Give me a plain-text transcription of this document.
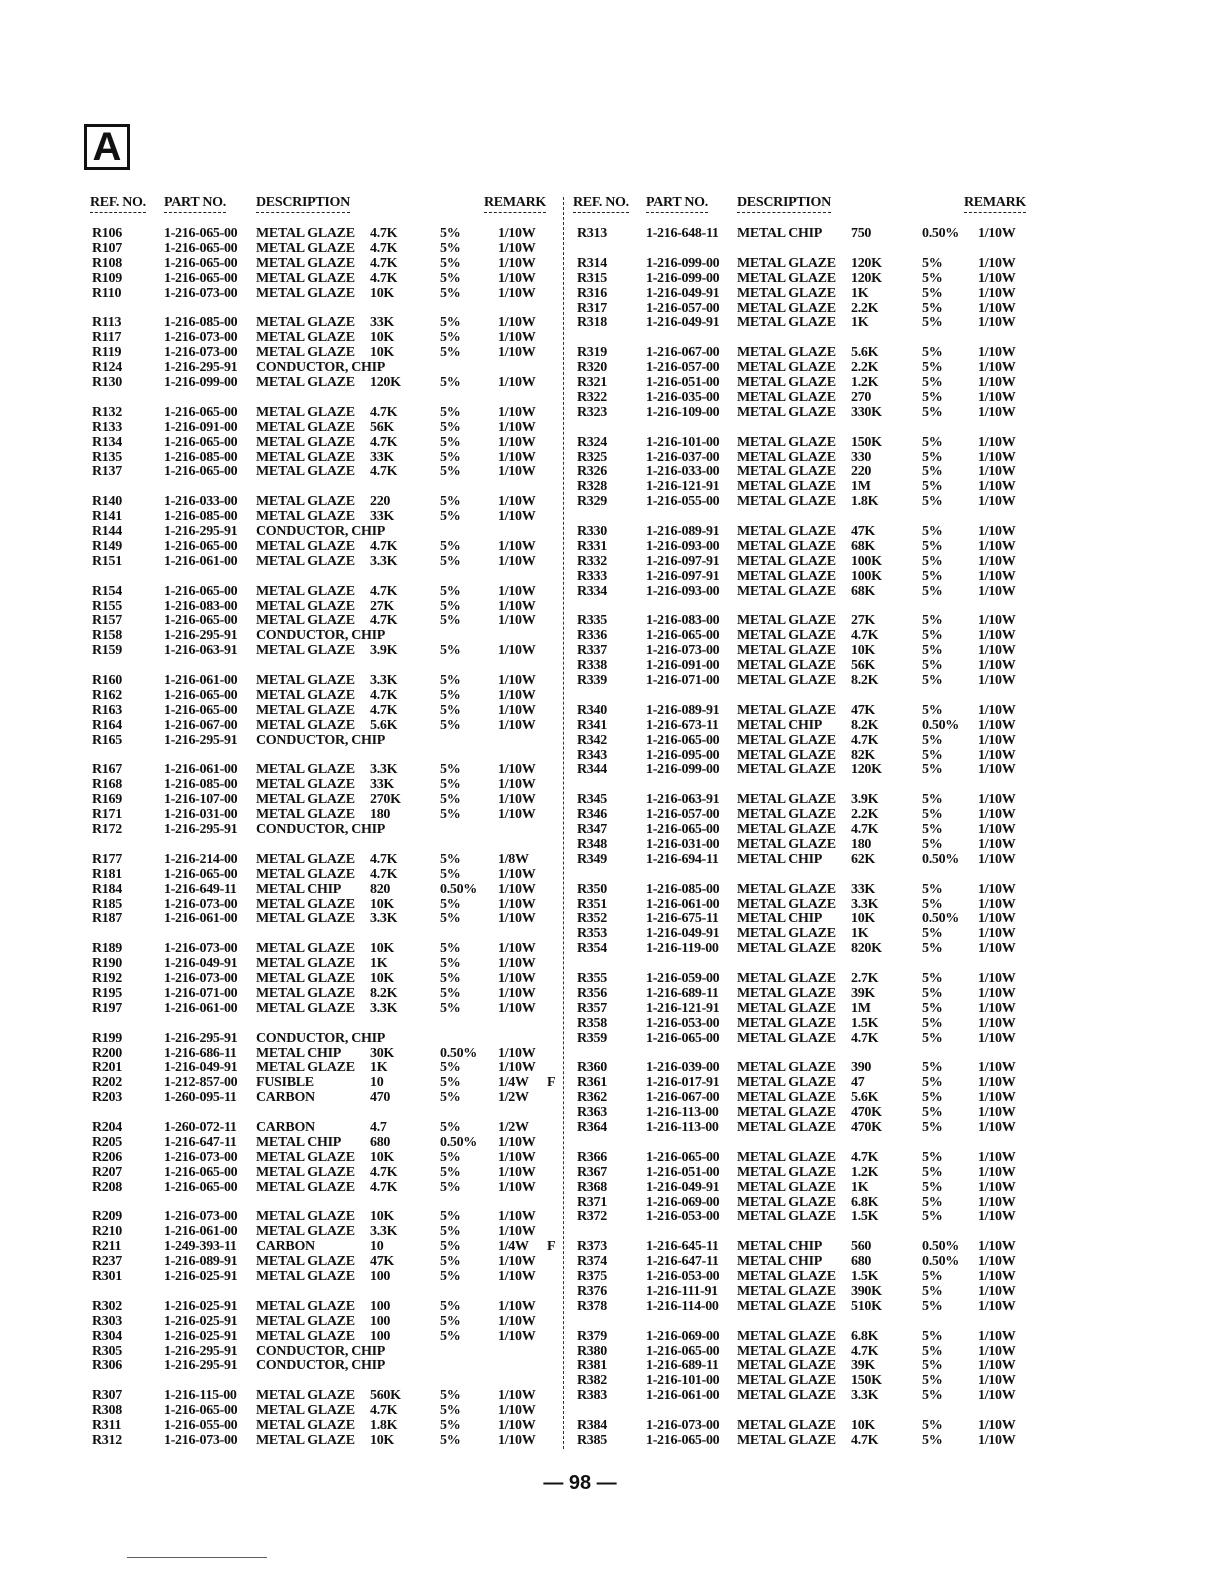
A
REF. NO. PART NO. DESCRIPTION	REMARK REF. NO. PART NO. DESCRIPTION	REMARK
R106	1-216-065-00 METAL GLAZE 4.7K	5%	1/10W
R107	1-216-065-00 METAL GLAZE 4.7K	5%	1/10W
R108	1-216-065-00 METAL GLAZE 4.7K	5%	1/10W
R109	1-216-065-00 METAL GLAZE 4.7K	5%	1/10W
R110	1-216-073-00 METAL GLAZE 10K	5%	1/10W
R113	1-216-085-00 METAL GLAZE 33K	5%	1/10W
R117	1-216-073-00 METAL GLAZE 10K	5%	1/10W
R119	1-216-073-00 METAL GLAZE 10K	5%	1/10W
R124	1-216-295-91 CONDUCTOR, CHIP
R130	1-216-099-00 METAL GLAZE 120K	5%	1/10W
R132	1-216-065-00 METAL GLAZE 4.7K	5%	1/10W
R133	1-216-091-00 METAL GLAZE 56K	5%	1/10W
R134	1-216-065-00 METAL GLAZE 4.7K	5%	1/10W
R135	1-216-085-00 METAL GLAZE 33K	5%	1/10W
R137	1-216-065-00 METAL GLAZE 4.7K	5%	1/10W
R140	1-216-033-00 METAL GLAZE 220	5%	1/10W
R141	1-216-085-00 METAL GLAZE 33K	5%	1/10W
R144	1-216-295-91 CONDUCTOR, CHIP
R149	1-216-065-00 METAL GLAZE 4.7K	5%	1/10W
R151	1-216-061-00 METAL GLAZE 3.3K	5%	1/10W
R154	1-216-065-00 METAL GLAZE 4.7K	5%	1/10W
R155	1-216-083-00 METAL GLAZE 27K	5%	1/10W
R157	1-216-065-00 METAL GLAZE 4.7K	5%	1/10W
R158	1-216-295-91 CONDUCTOR, CHIP
R159	1-216-063-91 METAL GLAZE 3.9K	5%	1/10W
R160	1-216-061-00 METAL GLAZE 3.3K	5%	1/10W
R162	1-216-065-00 METAL GLAZE 4.7K	5%	1/10W
R163	1-216-065-00 METAL GLAZE 4.7K	5%	1/10W
R164	1-216-067-00 METAL GLAZE 5.6K	5%	1/10W
R165	1-216-295-91 CONDUCTOR, CHIP
R167	1-216-061-00 METAL GLAZE 3.3K	5%	1/10W
R168	1-216-085-00 METAL GLAZE 33K	5%	1/10W
R169	1-216-107-00 METAL GLAZE 270K	5%	1/10W
R171	1-216-031-00 METAL GLAZE 180	5%	1/10W
R172	1-216-295-91 CONDUCTOR, CHIP
R177	1-216-214-00 METAL GLAZE 4.7K	5%	1/8W
R181	1-216-065-00 METAL GLAZE 4.7K	5%	1/10W
R184	1-216-649-11 METAL CHIP 820	0.50% 1/10W
R185	1-216-073-00 METAL GLAZE 10K	5%	1/10W
R187	1-216-061-00 METAL GLAZE 3.3K	5%	1/10W
R189	1-216-073-00 METAL GLAZE 10K	5%	1/10W
R190	1-216-049-91 METAL GLAZE 1K	5%	1/10W
R192	1-216-073-00 METAL GLAZE 10K	5%	1/10W
R195	1-216-071-00 METAL GLAZE 8.2K	5%	1/10W
R197	1-216-061-00 METAL GLAZE 3.3K	5%	1/10W
R199	1-216-295-91 CONDUCTOR, CHIP
R200	1-216-686-11 METAL CHIP 30K	0.50% 1/10W
R201	1-216-049-91 METAL GLAZE 1K	5%	1/10W
R202	1-212-857-00 FUSIBLE	10	5%	1/4W F
R203	1-260-095-11 CARBON	470	5%	1/2W
R204	1-260-072-11 CARBON	4.7	5%	1/2W
R205	1-216-647-11 METAL CHIP 680	0.50% 1/10W
R206	1-216-073-00 METAL GLAZE 10K	5%	1/10W
R207	1-216-065-00 METAL GLAZE 4.7K	5%	1/10W
R208	1-216-065-00 METAL GLAZE 4.7K	5%	1/10W
R209	1-216-073-00 METAL GLAZE 10K	5%	1/10W
R210	1-216-061-00 METAL GLAZE 3.3K	5%	1/10W
R211	1-249-393-11 CARBON	10	5%	1/4W F
R237	1-216-089-91 METAL GLAZE 47K	5%	1/10W
R301	1-216-025-91 METAL GLAZE 100	5%	1/10W
R302	1-216-025-91 METAL GLAZE 100	5%	1/10W
R303	1-216-025-91 METAL GLAZE 100	5%	1/10W
R304	1-216-025-91 METAL GLAZE 100	5%	1/10W
R305	1-216-295-91 CONDUCTOR, CHIP
R306	1-216-295-91 CONDUCTOR, CHIP
R307	1-216-115-00 METAL GLAZE 560K	5%	1/10W
R308	1-216-065-00 METAL GLAZE 4.7K	5%	1/10W
R311	1-216-055-00 METAL GLAZE 1.8K	5%	1/10W
R312	1-216-073-00 METAL GLAZE 10K	5%	1/10W
R313	1-216-648-11 METAL CHIP 750	0.50% 1/10W
R314	1-216-099-00 METAL GLAZE 120K	5%	1/10W
R315	1-216-099-00 METAL GLAZE 120K	5%	1/10W
R316	1-216-049-91 METAL GLAZE 1K	5%	1/10W
R317	1-216-057-00 METAL GLAZE 2.2K	5%	1/10W
R318	1-216-049-91 METAL GLAZE 1K	5%	1/10W
R319	1-216-067-00 METAL GLAZE 5.6K	5%	1/10W
R320	1-216-057-00 METAL GLAZE 2.2K	5%	1/10W
R321	1-216-051-00 METAL GLAZE 1.2K	5%	1/10W
R322	1-216-035-00 METAL GLAZE 270	5%	1/10W
R323	1-216-109-00 METAL GLAZE 330K	5%	1/10W
R324	1-216-101-00 METAL GLAZE 150K	5%	1/10W
R325	1-216-037-00 METAL GLAZE 330	5%	1/10W
R326	1-216-033-00 METAL GLAZE 220	5%	1/10W
R328	1-216-121-91 METAL GLAZE 1M	5%	1/10W
R329	1-216-055-00 METAL GLAZE 1.8K	5%	1/10W
R330	1-216-089-91 METAL GLAZE 47K	5%	1/10W
R331	1-216-093-00 METAL GLAZE 68K	5%	1/10W
R332	1-216-097-91 METAL GLAZE 100K	5%	1/10W
R333	1-216-097-91 METAL GLAZE 100K	5%	1/10W
R334	1-216-093-00 METAL GLAZE 68K	5%	1/10W
R335	1-216-083-00 METAL GLAZE 27K	5%	1/10W
R336	1-216-065-00 METAL GLAZE 4.7K	5%	1/10W
R337	1-216-073-00 METAL GLAZE 10K	5%	1/10W
R338	1-216-091-00 METAL GLAZE 56K	5%	1/10W
R339	1-216-071-00 METAL GLAZE 8.2K	5%	1/10W
R340	1-216-089-91 METAL GLAZE 47K	5%	1/10W
R341	1-216-673-11 METAL CHIP 8.2K	0.50% 1/10W
R342	1-216-065-00 METAL GLAZE 4.7K	5%	1/10W
R343	1-216-095-00 METAL GLAZE 82K	5%	1/10W
R344	1-216-099-00 METAL GLAZE 120K	5%	1/10W
R345	1-216-063-91 METAL GLAZE 3.9K	5%	1/10W
R346	1-216-057-00 METAL GLAZE 2.2K	5%	1/10W
R347	1-216-065-00 METAL GLAZE 4.7K	5%	1/10W
R348	1-216-031-00 METAL GLAZE 180	5%	1/10W
R349	1-216-694-11 METAL CHIP 62K	0.50% 1/10W
R350	1-216-085-00 METAL GLAZE 33K	5%	1/10W
R351	1-216-061-00 METAL GLAZE 3.3K	5%	1/10W
R352	1-216-675-11 METAL CHIP 10K	0.50% 1/10W
R353	1-216-049-91 METAL GLAZE 1K	5%	1/10W
R354	1-216-119-00 METAL GLAZE 820K	5%	1/10W
R355	1-216-059-00 METAL GLAZE 2.7K	5%	1/10W
R356	1-216-689-11 METAL GLAZE 39K	5%	1/10W
R357	1-216-121-91 METAL GLAZE 1M	5%	1/10W
R358	1-216-053-00 METAL GLAZE 1.5K	5%	1/10W
R359	1-216-065-00 METAL GLAZE 4.7K	5%	1/10W
R360	1-216-039-00 METAL GLAZE 390	5%	1/10W
R361	1-216-017-91 METAL GLAZE 47	5%	1/10W
R362	1-216-067-00 METAL GLAZE 5.6K	5%	1/10W
R363	1-216-113-00 METAL GLAZE 470K	5%	1/10W
R364	1-216-113-00 METAL GLAZE 470K	5%	1/10W
R366	1-216-065-00 METAL GLAZE 4.7K	5%	1/10W
R367	1-216-051-00 METAL GLAZE 1.2K	5%	1/10W
R368	1-216-049-91 METAL GLAZE 1K	5%	1/10W
R371	1-216-069-00 METAL GLAZE 6.8K	5%	1/10W
R372	1-216-053-00 METAL GLAZE 1.5K	5%	1/10W
R373	1-216-645-11 METAL CHIP 560	0.50% 1/10W
R374	1-216-647-11 METAL CHIP 680	0.50% 1/10W
R375	1-216-053-00 METAL GLAZE 1.5K	5%	1/10W
R376	1-216-111-91 METAL GLAZE 390K	5%	1/10W
R378	1-216-114-00 METAL GLAZE 510K	5%	1/10W
R379	1-216-069-00 METAL GLAZE 6.8K	5%	1/10W
R380	1-216-065-00 METAL GLAZE 4.7K	5%	1/10W
R381	1-216-689-11 METAL GLAZE 39K	5%	1/10W
R382	1-216-101-00 METAL GLAZE 150K	5%	1/10W
R383	1-216-061-00 METAL GLAZE 3.3K	5%	1/10W
R384	1-216-073-00 METAL GLAZE 10K	5%	1/10W
R385	1-216-065-00 METAL GLAZE 4.7K	5%	1/10W
— 98 —
